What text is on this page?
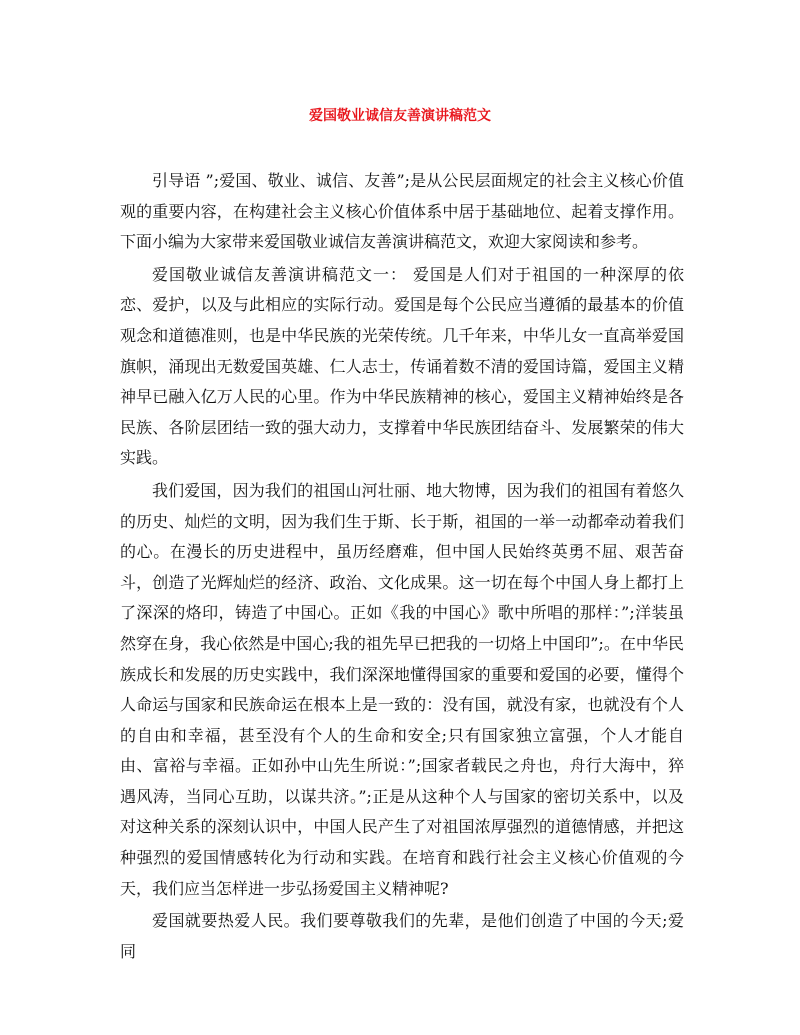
爱国敬业诚信友善演讲稿范文

引导语 ”;爱国、敬业、诚信、友善”;是从公民层面规定的社会主义核心价值观的重要内容，在构建社会主义核心价值体系中居于基础地位、起着支撑作用。下面小编为大家带来爱国敬业诚信友善演讲稿范文，欢迎大家阅读和参考。

爱国敬业诚信友善演讲稿范文一： 爱国是人们对于祖国的一种深厚的依恋、爱护，以及与此相应的实际行动。爱国是每个公民应当遵循的最基本的价值观念和道德准则，也是中华民族的光荣传统。几千年来，中华儿女一直高举爱国旗帜，涌现出无数爱国英雄、仁人志士，传诵着数不清的爱国诗篇，爱国主义精神早已融入亿万人民的心里。作为中华民族精神的核心，爱国主义精神始终是各民族、各阶层团结一致的强大动力，支撑着中华民族团结奋斗、发展繁荣的伟大实践。

我们爱国，因为我们的祖国山河壮丽、地大物博，因为我们的祖国有着悠久的历史、灿烂的文明，因为我们生于斯、长于斯，祖国的一举一动都牵动着我们的心。在漫长的历史进程中，虽历经磨难，但中国人民始终英勇不屈、艰苦奋斗，创造了光辉灿烂的经济、政治、文化成果。这一切在每个中国人身上都打上了深深的烙印，铸造了中国心。正如《我的中国心》歌中所唱的那样：”;洋装虽然穿在身，我心依然是中国心;我的祖先早已把我的一切烙上中国印”;。在中华民族成长和发展的历史实践中，我们深深地懂得国家的重要和爱国的必要，懂得个人命运与国家和民族命运在根本上是一致的：没有国，就没有家，也就没有个人的自由和幸福，甚至没有个人的生命和安全;只有国家独立富强，个人才能自由、富裕与幸福。正如孙中山先生所说：”;国家者载民之舟也，舟行大海中，猝遇风涛，当同心互助，以谋共济。”;正是从这种个人与国家的密切关系中，以及对这种关系的深刻认识中，中国人民产生了对祖国浓厚强烈的道德情感，并把这种强烈的爱国情感转化为行动和实践。在培育和践行社会主义核心价值观的今天，我们应当怎样进一步弘扬爱国主义精神呢?

爱国就要热爱人民。我们要尊敬我们的先辈，是他们创造了中国的今天;爱同
